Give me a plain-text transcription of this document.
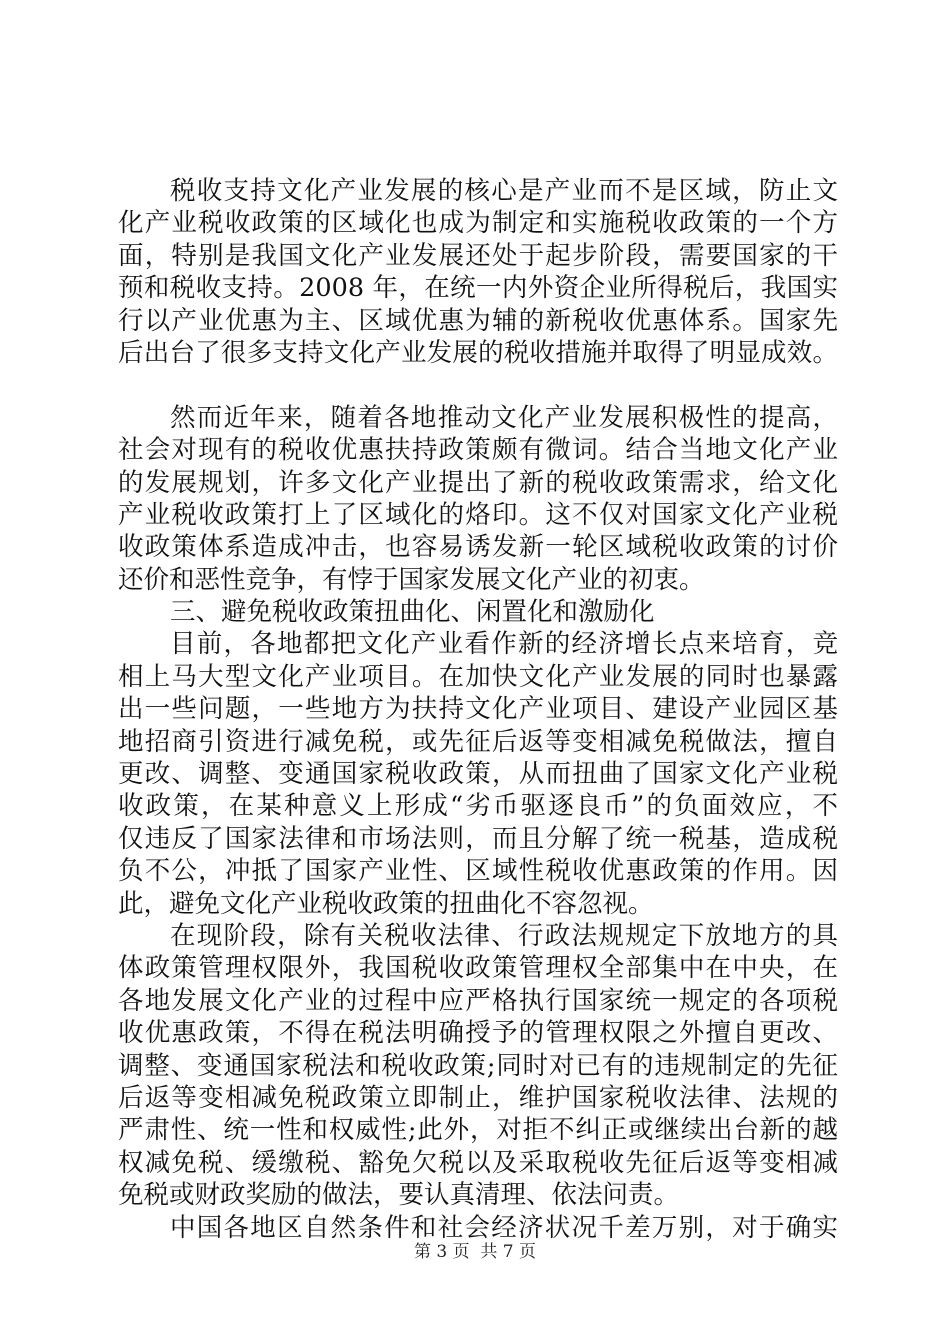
税收支持文化产业发展的核心是产业而不是区域，防止文
化产业税收政策的区域化也成为制定和实施税收政策的一个方
面，特别是我国文化产业发展还处于起步阶段，需要国家的干
预和税收支持。2008 年，在统一内外资企业所得税后，我国实
行以产业优惠为主、区域优惠为辅的新税收优惠体系。国家先
后出台了很多支持文化产业发展的税收措施并取得了明显成效。
然而近年来，随着各地推动文化产业发展积极性的提高，
社会对现有的税收优惠扶持政策颇有微词。结合当地文化产业
的发展规划，许多文化产业提出了新的税收政策需求，给文化
产业税收政策打上了区域化的烙印。这不仅对国家文化产业税
收政策体系造成冲击，也容易诱发新一轮区域税收政策的讨价
还价和恶性竞争，有悖于国家发展文化产业的初衷。
三、避免税收政策扭曲化、闲置化和激励化
目前，各地都把文化产业看作新的经济增长点来培育，竞
相上马大型文化产业项目。在加快文化产业发展的同时也暴露
出一些问题，一些地方为扶持文化产业项目、建设产业园区基
地招商引资进行减免税，或先征后返等变相减免税做法，擅自
更改、调整、变通国家税收政策，从而扭曲了国家文化产业税
收政策，在某种意义上形成“劣币驱逐良币”的负面效应，不
仅违反了国家法律和市场法则，而且分解了统一税基，造成税
负不公，冲抵了国家产业性、区域性税收优惠政策的作用。因
此，避免文化产业税收政策的扭曲化不容忽视。
在现阶段，除有关税收法律、行政法规规定下放地方的具
体政策管理权限外，我国税收政策管理权全部集中在中央，在
各地发展文化产业的过程中应严格执行国家统一规定的各项税
收优惠政策，不得在税法明确授予的管理权限之外擅自更改、
调整、变通国家税法和税收政策;同时对已有的违规制定的先征
后返等变相减免税政策立即制止，维护国家税收法律、法规的
严肃性、统一性和权威性;此外，对拒不纠正或继续出台新的越
权减免税、缓缴税、豁免欠税以及采取税收先征后返等变相减
免税或财政奖励的做法，要认真清理、依法问责。
中国各地区自然条件和社会经济状况千差万别，对于确实
第 3 页 共 7 页
